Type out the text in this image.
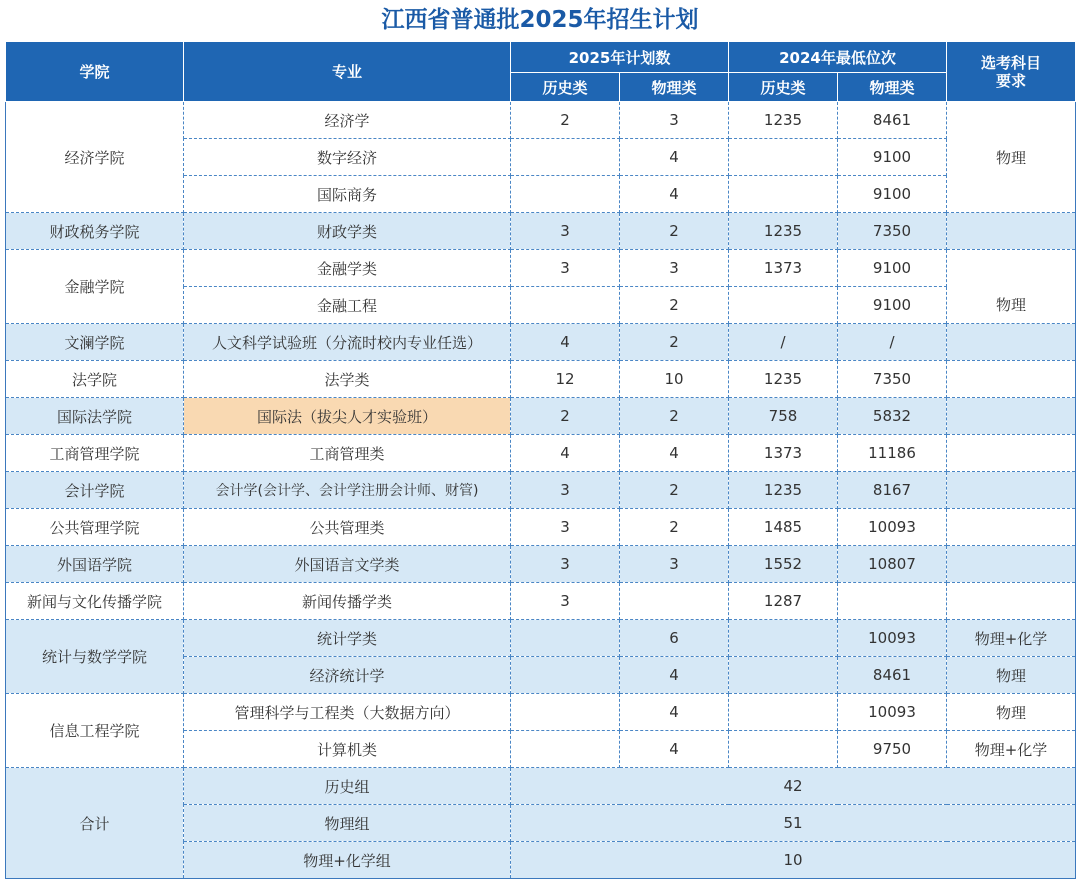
江西省普通批2025年招生计划
学院	专业	2025年计划数		2024年最低位次		选考科目要求
		历史类	物理类	历史类	物理类	
经济学院	经济学	2	3	1235	8461	物理
	数字经济		4		9100	
	国际商务		4		9100	
财政税务学院	财政学类	3	2	1235	7350	
金融学院	金融学类	3	3	1373	9100	物理
	金融工程		2		9100	
文澜学院	人文科学试验班（分流时校内专业任选）	4	2	/	/	
法学院	法学类	12	10	1235	7350	
国际法学院	国际法（拔尖人才实验班）	2	2	758	5832	
工商管理学院	工商管理类	4	4	1373	11186	
会计学院	会计学(会计学、会计学注册会计师、财管)	3	2	1235	8167	
公共管理学院	公共管理类	3	2	1485	10093	
外国语学院	外国语言文学类	3	3	1552	10807	
新闻与文化传播学院	新闻传播学类	3		1287		
统计与数学学院	统计学类		6		10093	物理+化学
	经济统计学		4		8461	物理
信息工程学院	管理科学与工程类（大数据方向）		4		10093	物理
	计算机类		4		9750	物理+化学
合计	历史组	42				
	物理组	51				
	物理+化学组	10				
